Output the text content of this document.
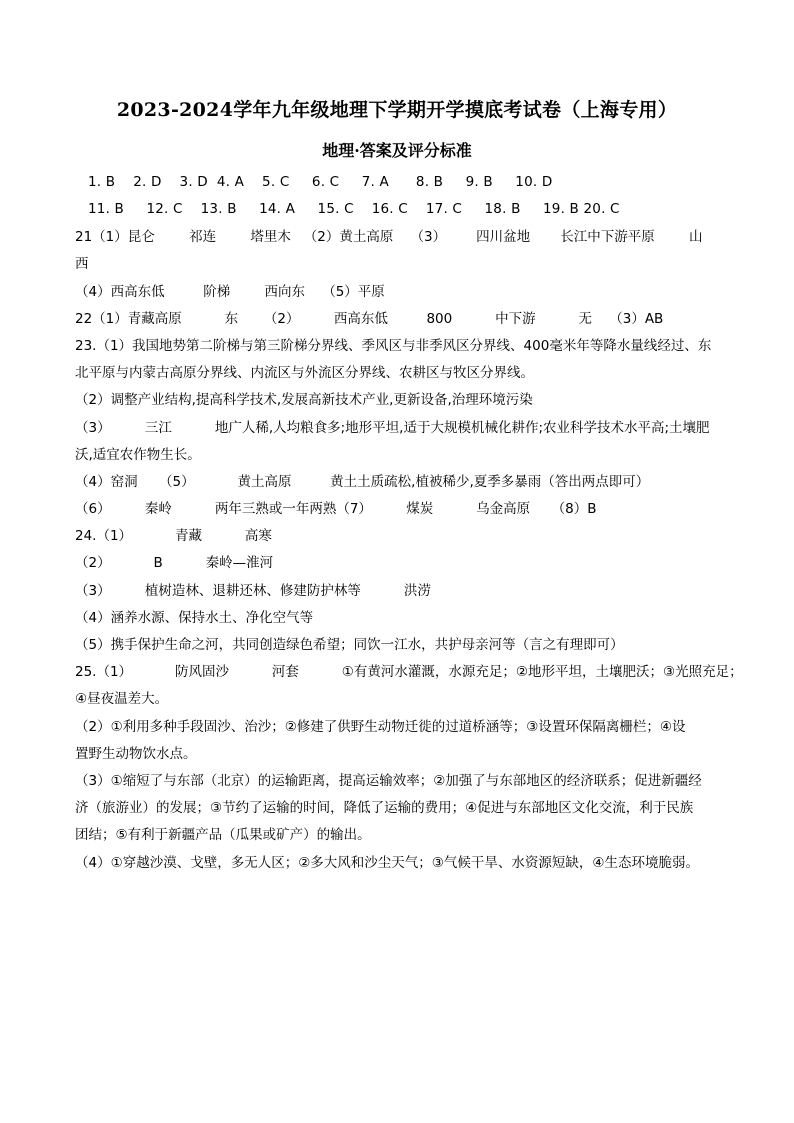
2023-2024学年九年级地理下学期开学摸底考试卷（上海专用）
地理·答案及评分标准
1. B    2. D    3. D  4. A    5. C     6. C     7. A      8. B     9. B     10. D
11. B     12. C    13. B     14. A     15. C    16. C    17. C     18. B     19. B 20. C
21（1）昆仑        祁连        塔里木   （2）黄土高原    （3）       四川盆地       长江中下游平原        山
西
（4）西高东低         阶梯        西向东    （5）平原
22（1）青藏高原          东      （2）        西高东低         800          中下游          无    （3）AB
23.（1）我国地势第二阶梯与第三阶梯分界线、季风区与非季风区分界线、400毫米年等降水量线经过、东
北平原与内蒙古高原分界线、内流区与外流区分界线、农耕区与牧区分界线。
（2）调整产业结构,提高科学技术,发展高新技术产业,更新设备,治理环境污染
（3）        三江          地广人稀,人均粮食多;地形平坦,适于大规模机械化耕作;农业科学技术水平高;土壤肥
沃,适宜农作物生长。
（4）窑洞     （5）          黄土高原         黄土土质疏松,植被稀少,夏季多暴雨（答出两点即可）
（6）        秦岭          两年三熟或一年两熟（7）        煤炭          乌金高原     （8）B
24.（1）          青藏          高寒
（2）          B          秦岭—淮河
（3）        植树造林、退耕还林、修建防护林等          洪涝
（4）涵养水源、保持水土、净化空气等
（5）携手保护生命之河，共同创造绿色希望；同饮一江水，共护母亲河等（言之有理即可）
25.（1）          防风固沙          河套          ①有黄河水灌溉，水源充足；②地形平坦，土壤肥沃；③光照充足；
④昼夜温差大。
（2）①利用多种手段固沙、治沙；②修建了供野生动物迁徙的过道桥涵等；③设置环保隔离栅栏；④设
置野生动物饮水点。
（3）①缩短了与东部（北京）的运输距离，提高运输效率；②加强了与东部地区的经济联系；促进新疆经
济（旅游业）的发展；③节约了运输的时间，降低了运输的费用；④促进与东部地区文化交流，利于民族
团结；⑤有利于新疆产品（瓜果或矿产）的输出。
（4）①穿越沙漠、戈壁，多无人区；②多大风和沙尘天气；③气候干旱、水资源短缺，④生态环境脆弱。
